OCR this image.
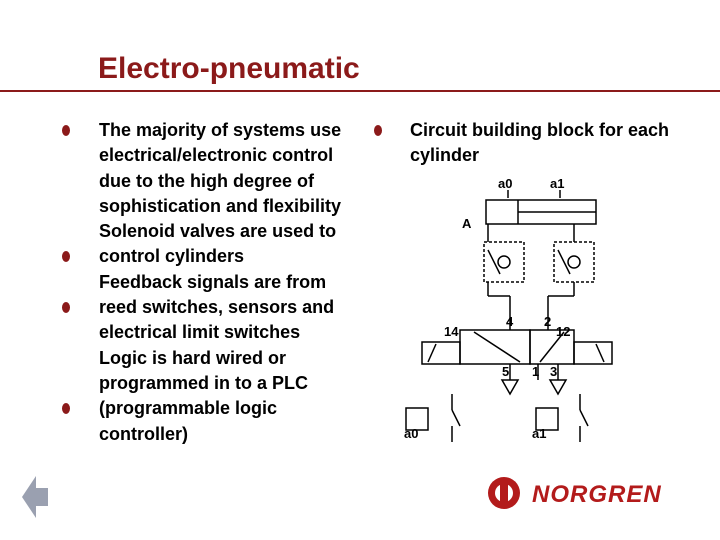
Electro-pneumatic
The majority of systems use electrical/electronic control due to the high degree of sophistication and flexibility
Solenoid valves are used to control cylinders
Feedback signals are from reed switches, sensors and electrical limit switches
Logic is hard wired or programmed in to a PLC (programmable logic controller)
Circuit building block for each cylinder
a0	a1
A
4 2
14	12
5 1 3
a0	a1
NORGREN
